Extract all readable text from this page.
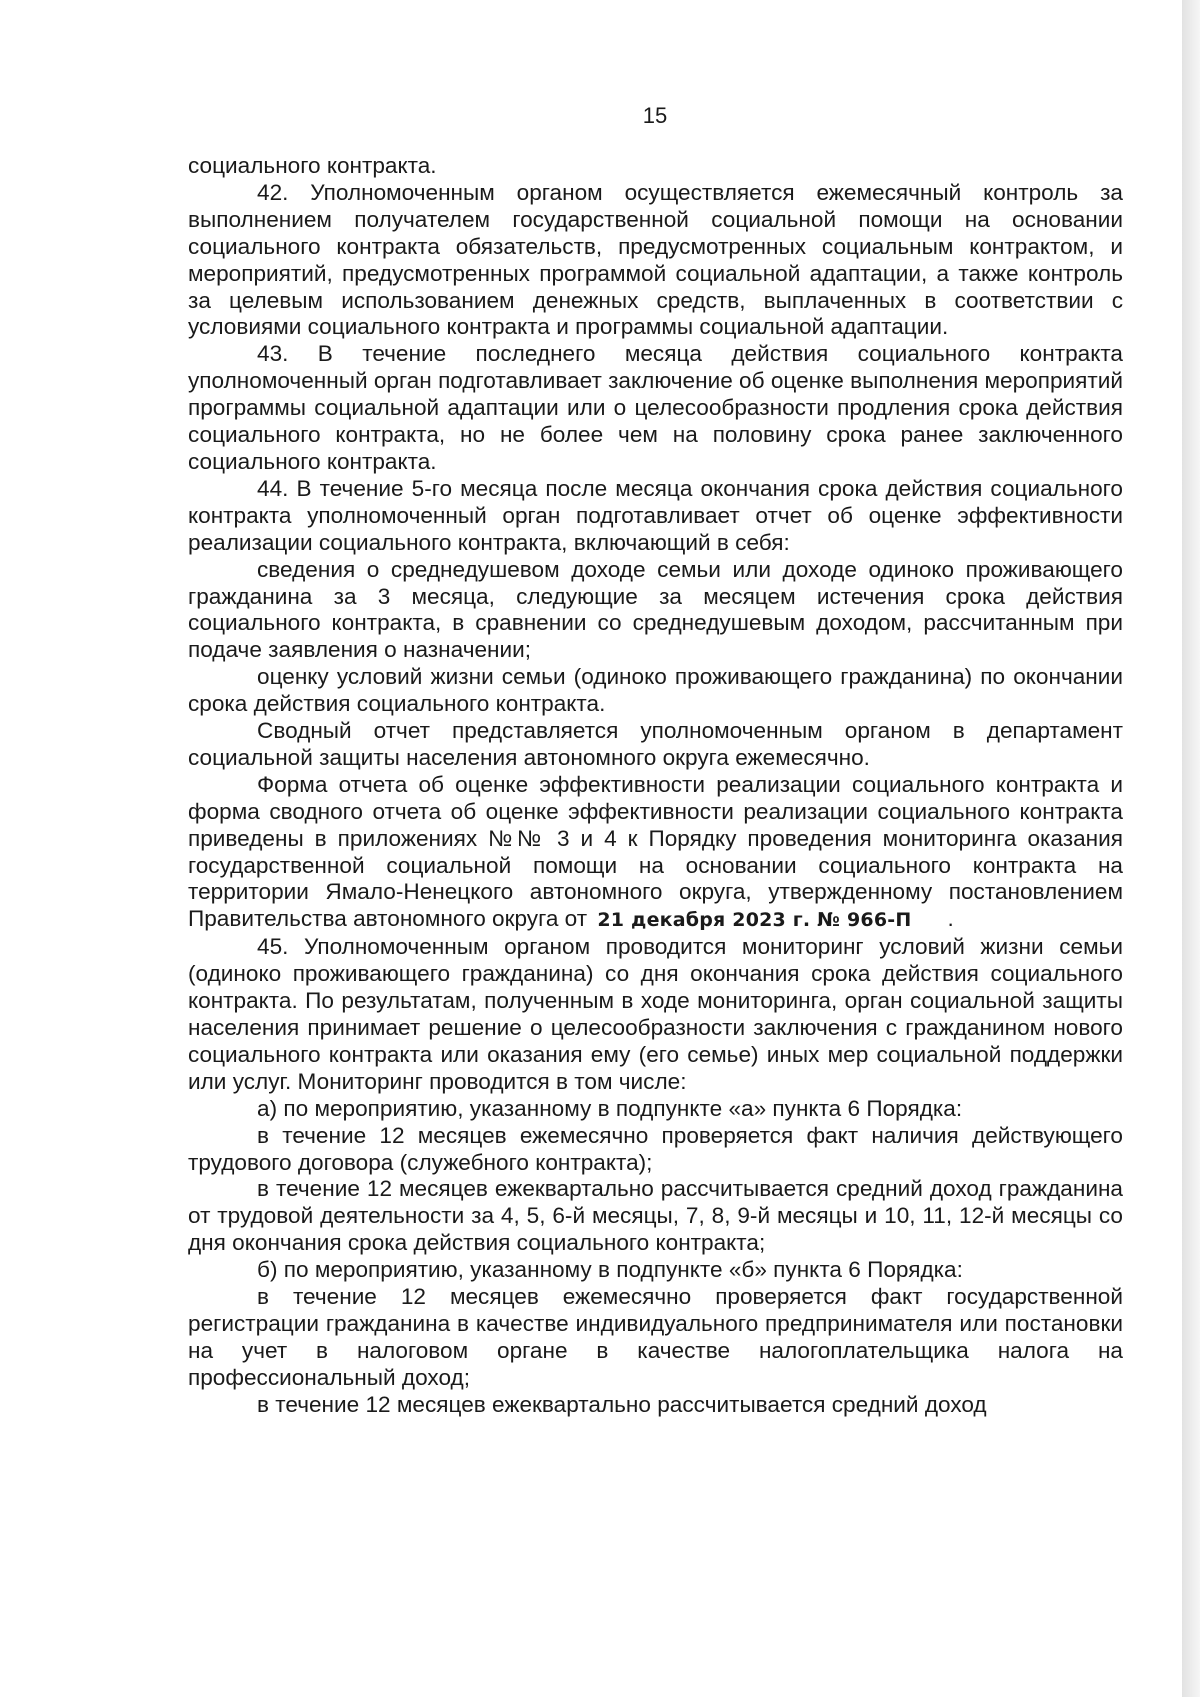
15

социального контракта.

42. Уполномоченным органом осуществляется ежемесячный контроль за выполнением получателем государственной социальной помощи на основании социального контракта обязательств, предусмотренных социальным контрактом, и мероприятий, предусмотренных программой социальной адаптации, а также контроль за целевым использованием денежных средств, выплаченных в соответствии с условиями социального контракта и программы социальной адаптации.

43. В течение последнего месяца действия социального контракта уполномоченный орган подготавливает заключение об оценке выполнения мероприятий программы социальной адаптации или о целесообразности продления срока действия социального контракта, но не более чем на половину срока ранее заключенного социального контракта.

44. В течение 5-го месяца после месяца окончания срока действия социального контракта уполномоченный орган подготавливает отчет об оценке эффективности реализации социального контракта, включающий в себя:

сведения о среднедушевом доходе семьи или доходе одиноко проживающего гражданина за 3 месяца, следующие за месяцем истечения срока действия социального контракта, в сравнении со среднедушевым доходом, рассчитанным при подаче заявления о назначении;

оценку условий жизни семьи (одиноко проживающего гражданина) по окончании срока действия социального контракта.

Сводный отчет представляется уполномоченным органом в департамент социальной защиты населения автономного округа ежемесячно.

Форма отчета об оценке эффективности реализации социального контракта и форма сводного отчета об оценке эффективности реализации социального контракта приведены в приложениях №№ 3 и 4 к Порядку проведения мониторинга оказания государственной социальной помощи на основании социального контракта на территории Ямало-Ненецкого автономного округа, утвержденному постановлением Правительства автономного округа от 21 декабря 2023 г. № 966-П .

45. Уполномоченным органом проводится мониторинг условий жизни семьи (одиноко проживающего гражданина) со дня окончания срока действия социального контракта. По результатам, полученным в ходе мониторинга, орган социальной защиты населения принимает решение о целесообразности заключения с гражданином нового социального контракта или оказания ему (его семье) иных мер социальной поддержки или услуг. Мониторинг проводится в том числе:

а) по мероприятию, указанному в подпункте «а» пункта 6 Порядка:

в течение 12 месяцев ежемесячно проверяется факт наличия действующего трудового договора (служебного контракта);

в течение 12 месяцев ежеквартально рассчитывается средний доход гражданина от трудовой деятельности за 4, 5, 6-й месяцы, 7, 8, 9-й месяцы и 10, 11, 12-й месяцы со дня окончания срока действия социального контракта;

б) по мероприятию, указанному в подпункте «б» пункта 6 Порядка:

в течение 12 месяцев ежемесячно проверяется факт государственной регистрации гражданина в качестве индивидуального предпринимателя или постановки на учет в налоговом органе в качестве налогоплательщика налога на профессиональный доход;

в течение 12 месяцев ежеквартально рассчитывается средний доход
